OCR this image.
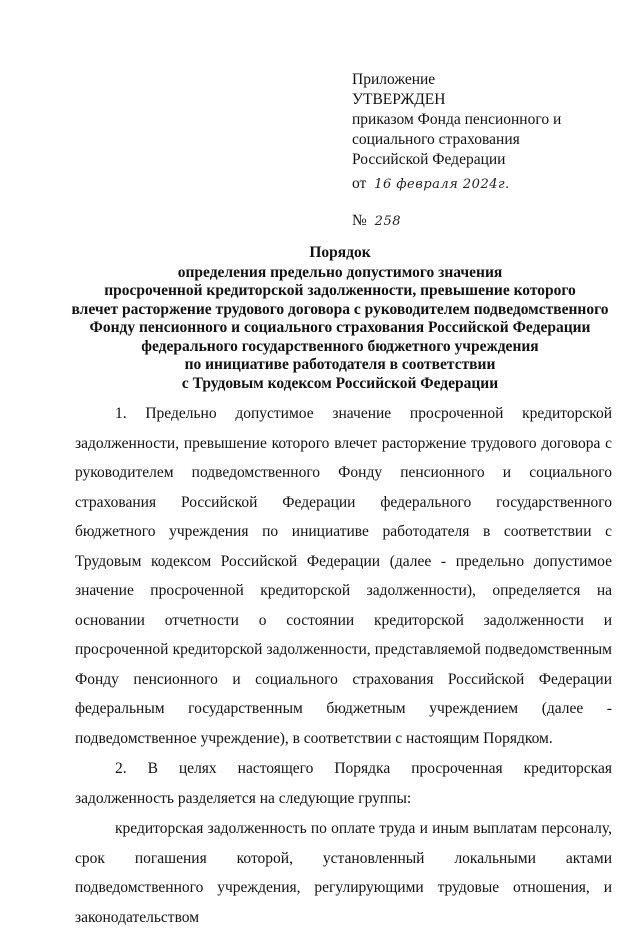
Приложение
УТВЕРЖДЕН
приказом Фонда пенсионного и
социального страхования
Российской Федерации
от 16 февраля 2024г.
№ 258
Порядок
определения предельно допустимого значения
просроченной кредиторской задолженности, превышение которого
влечет расторжение трудового договора с руководителем подведомственного
Фонду пенсионного и социального страхования Российской Федерации
федерального государственного бюджетного учреждения
по инициативе работодателя в соответствии
с Трудовым кодексом Российской Федерации

1. Предельно допустимое значение просроченной кредиторской задолженности, превышение которого влечет расторжение трудового договора с руководителем подведомственного Фонду пенсионного и социального страхования Российской Федерации федерального государственного бюджетного учреждения по инициативе работодателя в соответствии с Трудовым кодексом Российской Федерации (далее - предельно допустимое значение просроченной кредиторской задолженности), определяется на основании отчетности о состоянии кредиторской задолженности и просроченной кредиторской задолженности, представляемой подведомственным Фонду пенсионного и социального страхования Российской Федерации федеральным государственным бюджетным учреждением (далее - подведомственное учреждение), в соответствии с настоящим Порядком.

2. В целях настоящего Порядка просроченная кредиторская задолженность разделяется на следующие группы:

кредиторская задолженность по оплате труда и иным выплатам персоналу, срок погашения которой, установленный локальными актами подведомственного учреждения, регулирующими трудовые отношения, и законодательством
